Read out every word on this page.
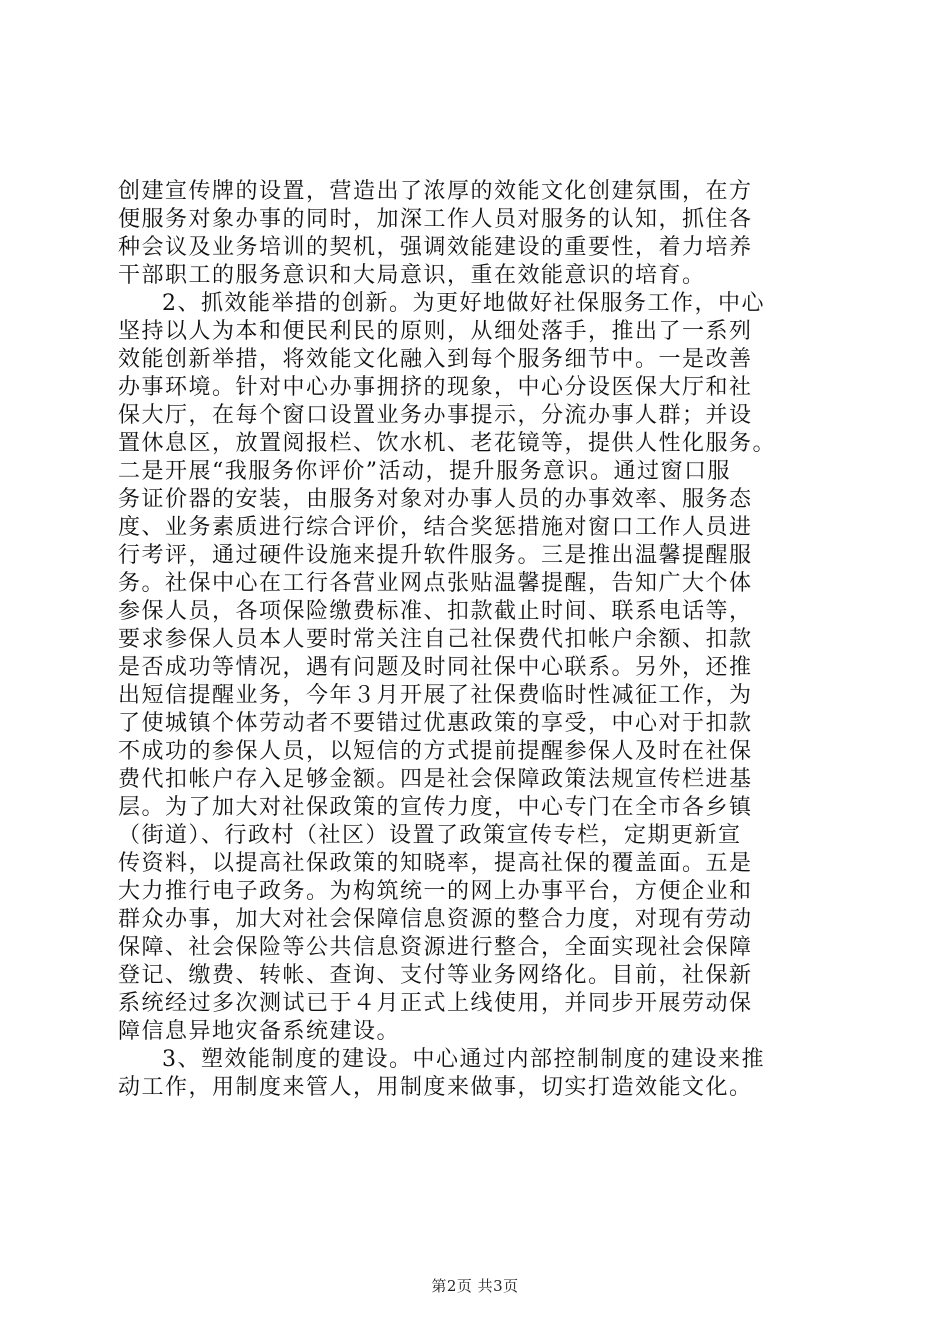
创建宣传牌的设置，营造出了浓厚的效能文化创建氛围，在方
便服务对象办事的同时，加深工作人员对服务的认知，抓住各
种会议及业务培训的契机，强调效能建设的重要性，着力培养
干部职工的服务意识和大局意识，重在效能意识的培育。
2、抓效能举措的创新。为更好地做好社保服务工作，中心
坚持以人为本和便民利民的原则，从细处落手，推出了一系列
效能创新举措，将效能文化融入到每个服务细节中。一是改善
办事环境。针对中心办事拥挤的现象，中心分设医保大厅和社
保大厅，在每个窗口设置业务办事提示，分流办事人群；并设
置休息区，放置阅报栏、饮水机、老花镜等，提供人性化服务。
二是开展“我服务你评价”活动，提升服务意识。通过窗口服
务证价器的安装，由服务对象对办事人员的办事效率、服务态
度、业务素质进行综合评价，结合奖惩措施对窗口工作人员进
行考评，通过硬件设施来提升软件服务。三是推出温馨提醒服
务。社保中心在工行各营业网点张贴温馨提醒，告知广大个体
参保人员，各项保险缴费标准、扣款截止时间、联系电话等，
要求参保人员本人要时常关注自己社保费代扣帐户余额、扣款
是否成功等情况，遇有问题及时同社保中心联系。另外，还推
出短信提醒业务，今年３月开展了社保费临时性减征工作，为
了使城镇个体劳动者不要错过优惠政策的享受，中心对于扣款
不成功的参保人员，以短信的方式提前提醒参保人及时在社保
费代扣帐户存入足够金额。四是社会保障政策法规宣传栏进基
层。为了加大对社保政策的宣传力度，中心专门在全市各乡镇
（街道）、行政村（社区）设置了政策宣传专栏，定期更新宣
传资料，以提高社保政策的知晓率，提高社保的覆盖面。五是
大力推行电子政务。为构筑统一的网上办事平台，方便企业和
群众办事，加大对社会保障信息资源的整合力度，对现有劳动
保障、社会保险等公共信息资源进行整合，全面实现社会保障
登记、缴费、转帐、查询、支付等业务网络化。目前，社保新
系统经过多次测试已于４月正式上线使用，并同步开展劳动保
障信息异地灾备系统建设。
3、塑效能制度的建设。中心通过内部控制制度的建设来推
动工作，用制度来管人，用制度来做事，切实打造效能文化。
第2页 共3页
